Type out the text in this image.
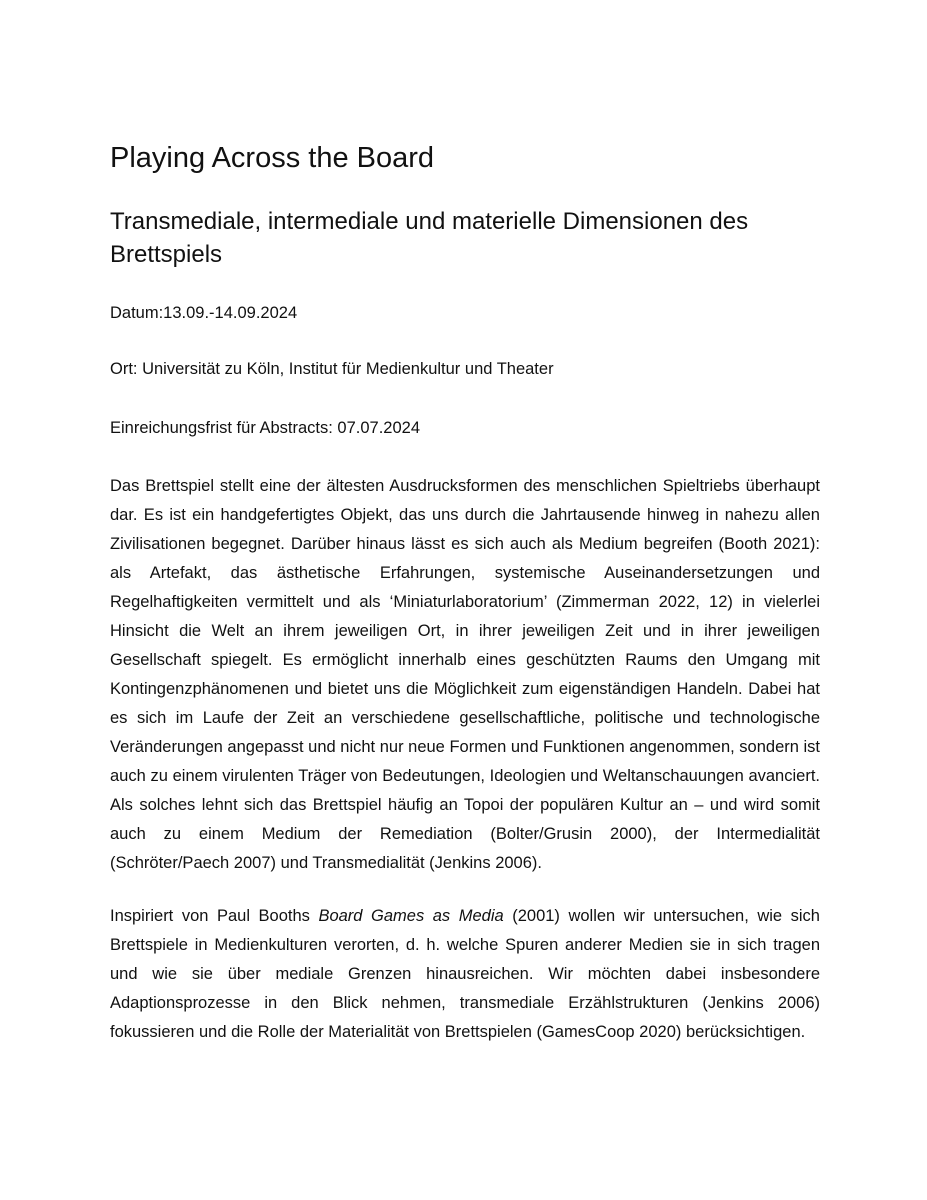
Playing Across the Board
Transmediale, intermediale und materielle Dimensionen des Brettspiels

Datum:13.09.-14.09.2024

Ort: Universität zu Köln, Institut für Medienkultur und Theater

Einreichungsfrist für Abstracts: 07.07.2024

Das Brettspiel stellt eine der ältesten Ausdrucksformen des menschlichen Spieltriebs überhaupt dar. Es ist ein handgefertigtes Objekt, das uns durch die Jahrtausende hinweg in nahezu allen Zivilisationen begegnet. Darüber hinaus lässt es sich auch als Medium begreifen (Booth 2021): als Artefakt, das ästhetische Erfahrungen, systemische Auseinandersetzungen und Regelhaftigkeiten vermittelt und als ‘Miniaturlaboratorium’ (Zimmerman 2022, 12) in vielerlei Hinsicht die Welt an ihrem jeweiligen Ort, in ihrer jeweiligen Zeit und in ihrer jeweiligen Gesellschaft spiegelt. Es ermöglicht innerhalb eines geschützten Raums den Umgang mit Kontingenzphänomenen und bietet uns die Möglichkeit zum eigenständigen Handeln. Dabei hat es sich im Laufe der Zeit an verschiedene gesellschaftliche, politische und technologische Veränderungen angepasst und nicht nur neue Formen und Funktionen angenommen, sondern ist auch zu einem virulenten Träger von Bedeutungen, Ideologien und Weltanschauungen avanciert. Als solches lehnt sich das Brettspiel häufig an Topoi der populären Kultur an – und wird somit auch zu einem Medium der Remediation (Bolter/Grusin 2000), der Intermedialität (Schröter/Paech 2007) und Transmedialität (Jenkins 2006).

Inspiriert von Paul Booths Board Games as Media (2001) wollen wir untersuchen, wie sich Brettspiele in Medienkulturen verorten, d. h. welche Spuren anderer Medien sie in sich tragen und wie sie über mediale Grenzen hinausreichen. Wir möchten dabei insbesondere Adaptionsprozesse in den Blick nehmen, transmediale Erzählstrukturen (Jenkins 2006) fokussieren und die Rolle der Materialität von Brettspielen (GamesCoop 2020) berücksichtigen.
